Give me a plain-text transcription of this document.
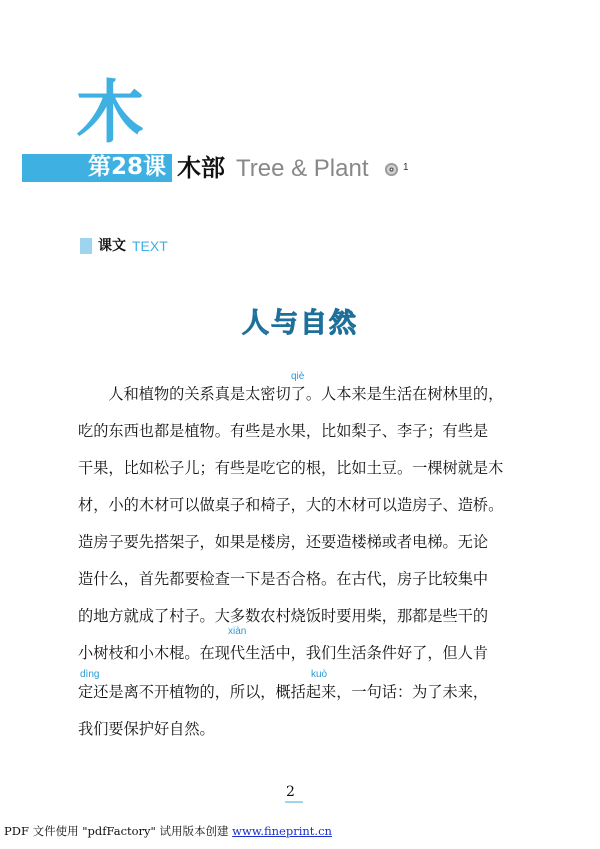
木
第28课 木部 Tree & Plant	1
课文 TEXT
人与自然
qiè
xiàn
dìng	kuò
　　人和植物的关系真是太密切了。人本来是生活在树林里的，
吃的东西也都是植物。有些是水果，比如梨子、李子；有些是
干果，比如松子儿；有些是吃它的根，比如土豆。一棵树就是木
材，小的木材可以做桌子和椅子，大的木材可以造房子、造桥。
造房子要先搭架子，如果是楼房，还要造楼梯或者电梯。无论
造什么，首先都要检查一下是否合格。在古代，房子比较集中
的地方就成了村子。大多数农村烧饭时要用柴，那都是些干的
小树枝和小木棍。在现代生活中，我们生活条件好了，但人肯
定还是离不开植物的，所以，概括起来，一句话：为了未来，
我们要保护好自然。
2
PDF 文件使用 "pdfFactory" 试用版本创建 www.fineprint.cn
